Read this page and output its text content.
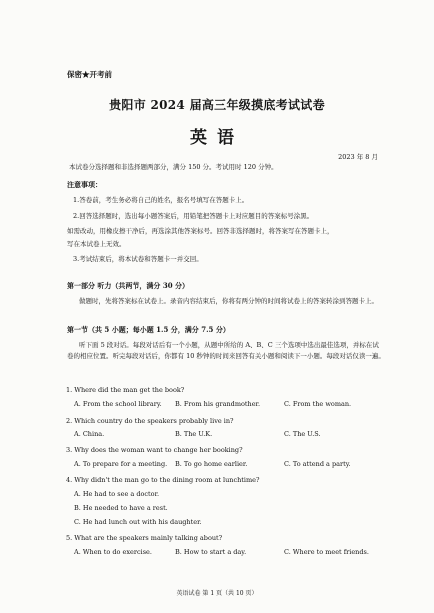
保密★开考前
贵阳市 2024 届高三年级摸底考试试卷
英语
2023 年 8 月
本试卷分选择题和非选择题两部分，满分 150 分。考试用时 120 分钟。
注意事项：
1.答卷前，考生务必将自己的姓名，报名号填写在答题卡上。
2.回答选择题时，选出每小题答案后，用铅笔把答题卡上对应题目的答案标号涂黑。
如需改动，用橡皮擦干净后，再选涂其他答案标号。回答非选择题时，将答案写在答题卡上，
写在本试卷上无效。
3.考试结束后，将本试卷和答题卡一并交回。
第一部分 听力（共两节，满分 30 分）
做题时，先将答案标在试卷上。录音内容结束后，你将有两分钟的时间将试卷上的答案转涂到答题卡上。
第一节（共 5 小题；每小题 1.5 分，满分 7.5 分）
听下面 5 段对话。每段对话后有一个小题，从题中所给的 A、B、C 三个选项中选出最佳选项，并标在试卷的相应位置。听完每段对话后，你都有 10 秒钟的时间来回答有关小题和阅读下一小题。每段对话仅读一遍。
1. Where did the man get the book?
A. From the school library. B. From his grandmother.	C. From the woman.
2. Which country do the speakers probably live in?
A. China.	B. The U.K.	C. The U.S.
3. Why does the woman want to change her booking?
A. To prepare for a meeting. B. To go home earlier.	C. To attend a party.
4. Why didn't the man go to the dining room at lunchtime?
A. He had to see a doctor.
B. He needed to have a rest.
C. He had lunch out with his daughter.
5. What are the speakers mainly talking about?
A. When to do exercise.	B. How to start a day.	C. Where to meet friends.
英语试卷 第 1 页（共 10 页）
